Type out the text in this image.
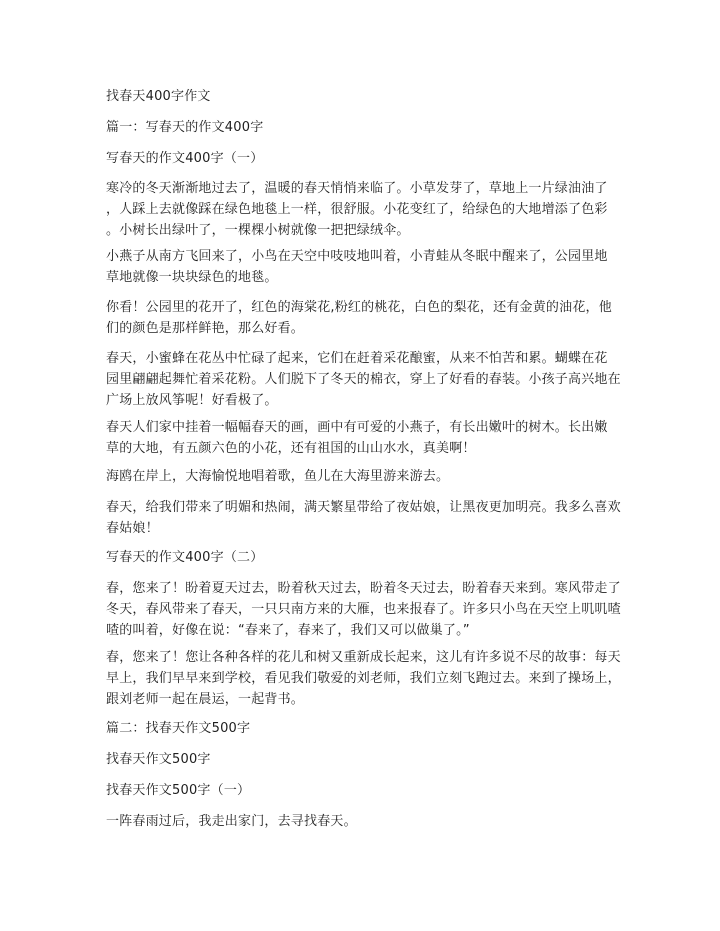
找春天400字作文
篇一：写春天的作文400字
写春天的作文400字（一）
寒冷的冬天渐渐地过去了，温暖的春天悄悄来临了。小草发芽了，草地上一片绿油油了
，人踩上去就像踩在绿色地毯上一样，很舒服。小花变红了，给绿色的大地增添了色彩
。小树长出绿叶了，一棵棵小树就像一把把绿绒伞。
小燕子从南方飞回来了，小鸟在天空中吱吱地叫着，小青蛙从冬眠中醒来了，公园里地
草地就像一块块绿色的地毯。
你看！公园里的花开了，红色的海棠花,粉红的桃花，白色的梨花，还有金黄的油花，他
们的颜色是那样鲜艳，那么好看。
春天，小蜜蜂在花丛中忙碌了起来，它们在赶着采花酿蜜，从来不怕苦和累。蝴蝶在花
园里翩翩起舞忙着采花粉。人们脱下了冬天的棉衣，穿上了好看的春装。小孩子高兴地在
广场上放风筝呢！好看极了。
春天人们家中挂着一幅幅春天的画，画中有可爱的小燕子，有长出嫩叶的树木。长出嫩
草的大地，有五颜六色的小花，还有祖国的山山水水，真美啊！
海鸥在岸上，大海愉悦地唱着歌，鱼儿在大海里游来游去。
春天，给我们带来了明媚和热闹，满天繁星带给了夜姑娘，让黑夜更加明亮。我多么喜欢
春姑娘！
写春天的作文400字（二）
春，您来了！盼着夏天过去，盼着秋天过去，盼着冬天过去，盼着春天来到。寒风带走了
冬天，春风带来了春天，一只只南方来的大雁，也来报春了。许多只小鸟在天空上叽叽喳
喳的叫着，好像在说：“春来了，春来了，我们又可以做巢了。”
春，您来了！您让各种各样的花儿和树又重新成长起来，这儿有许多说不尽的故事：每天
早上，我们早早来到学校，看见我们敬爱的刘老师，我们立刻飞跑过去。来到了操场上，
跟刘老师一起在晨运，一起背书。
篇二：找春天作文500字
找春天作文500字
找春天作文500字（一）
一阵春雨过后，我走出家门，去寻找春天。
